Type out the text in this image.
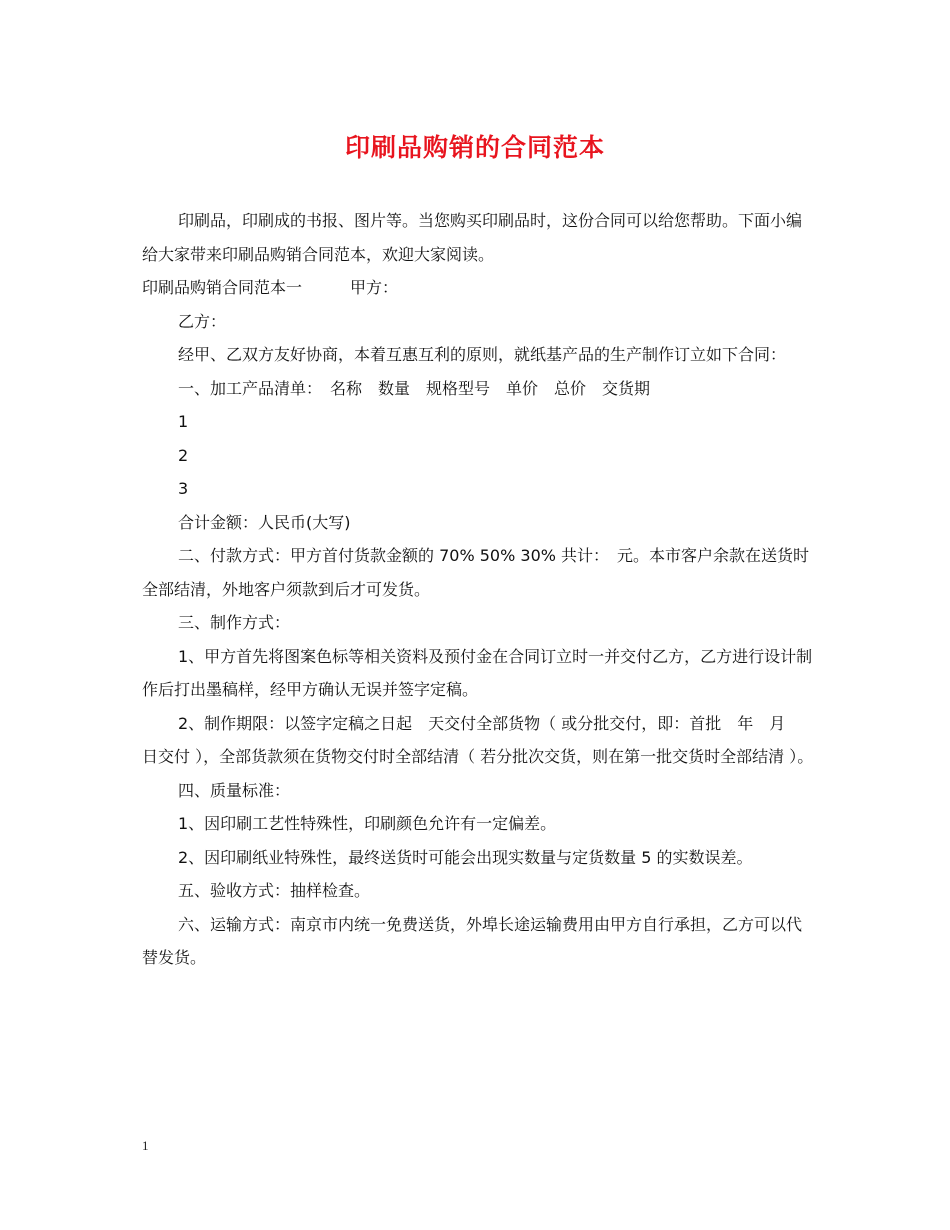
印刷品购销的合同范本

印刷品，印刷成的书报、图片等。当您购买印刷品时，这份合同可以给您帮助。下面小编给大家带来印刷品购销合同范本，欢迎大家阅读。

印刷品购销合同范本一　　　甲方：

乙方：

经甲、乙双方友好协商，本着互惠互利的原则，就纸基产品的生产制作订立如下合同：

一、加工产品清单：　名称　数量　规格型号　单价　总价　交货期

1

2

3

合计金额：人民币(大写)

二、付款方式：甲方首付货款金额的 70% 50% 30% 共计：　元。本市客户余款在送货时全部结清，外地客户须款到后才可发货。

三、制作方式：

1、甲方首先将图案色标等相关资料及预付金在合同订立时一并交付乙方，乙方进行设计制作后打出墨稿样，经甲方确认无误并签字定稿。

2、制作期限：以签字定稿之日起　天交付全部货物（ 或分批交付，即：首批　年　月　日交付 ），全部货款须在货物交付时全部结清（ 若分批次交货，则在第一批交货时全部结清 ）。

四、质量标准：

1、因印刷工艺性特殊性，印刷颜色允许有一定偏差。

2、因印刷纸业特殊性，最终送货时可能会出现实数量与定货数量 5 的实数误差。

五、验收方式：抽样检查。

六、运输方式：南京市内统一免费送货，外埠长途运输费用由甲方自行承担，乙方可以代替发货。

1
